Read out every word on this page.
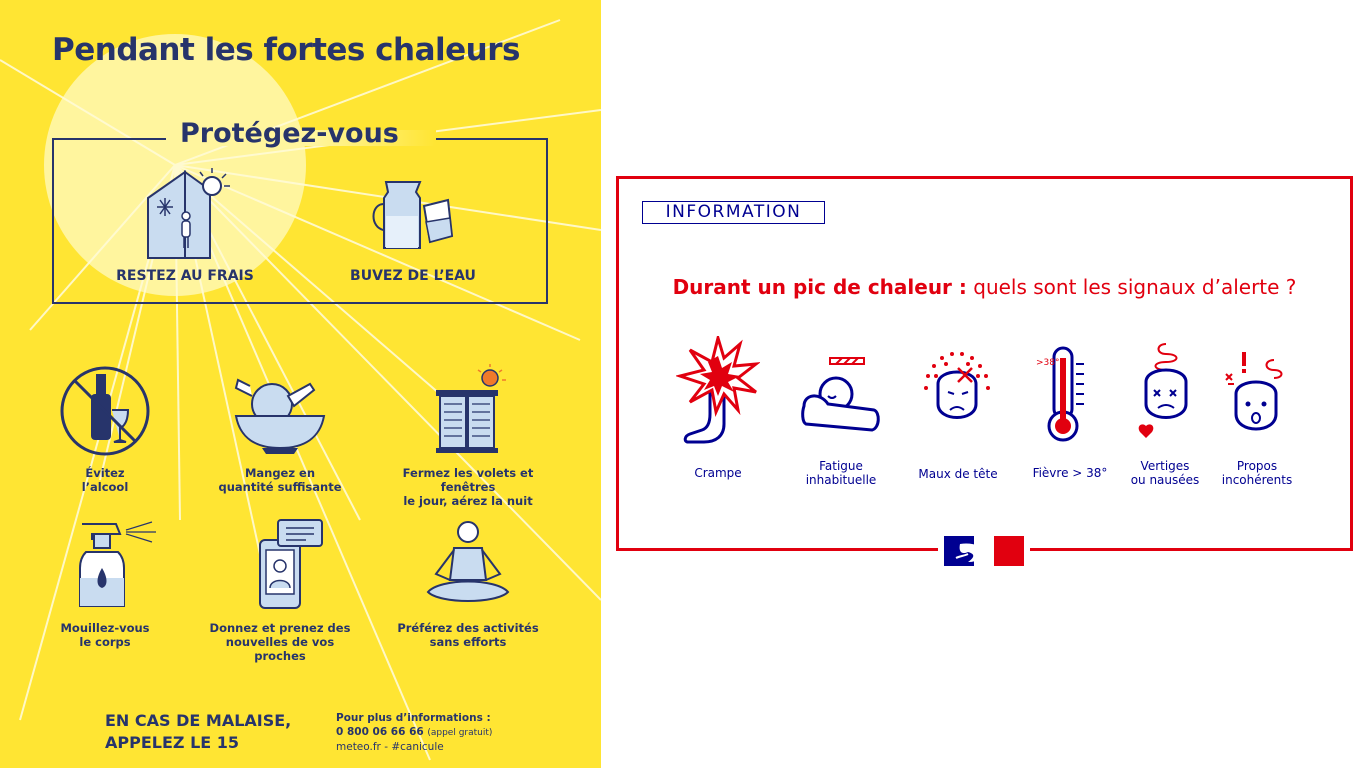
Pendant les fortes chaleurs
Protégez-vous
RESTEZ AU FRAIS	BUVEZ DE L’EAU
Évitez
l’alcool
Mangez en
quantité suffisante
Fermez les volets et fenêtres
le jour, aérez la nuit
Mouillez-vous
le corps
Donnez et prenez des
nouvelles de vos proches
Préférez des activités
sans efforts
EN CAS DE MALAISE,
APPELEZ LE 15
Pour plus d’informations :
0 800 06 66 66 (appel gratuit)
meteo.fr - #canicule
INFORMATION
Durant un pic de chaleur : quels sont les signaux d’alerte ?
>38°
Crampe	Fatigue
inhabituelle	Maux de tête	Fièvre > 38°	Vertiges
ou nausées
Propos
incohérents
